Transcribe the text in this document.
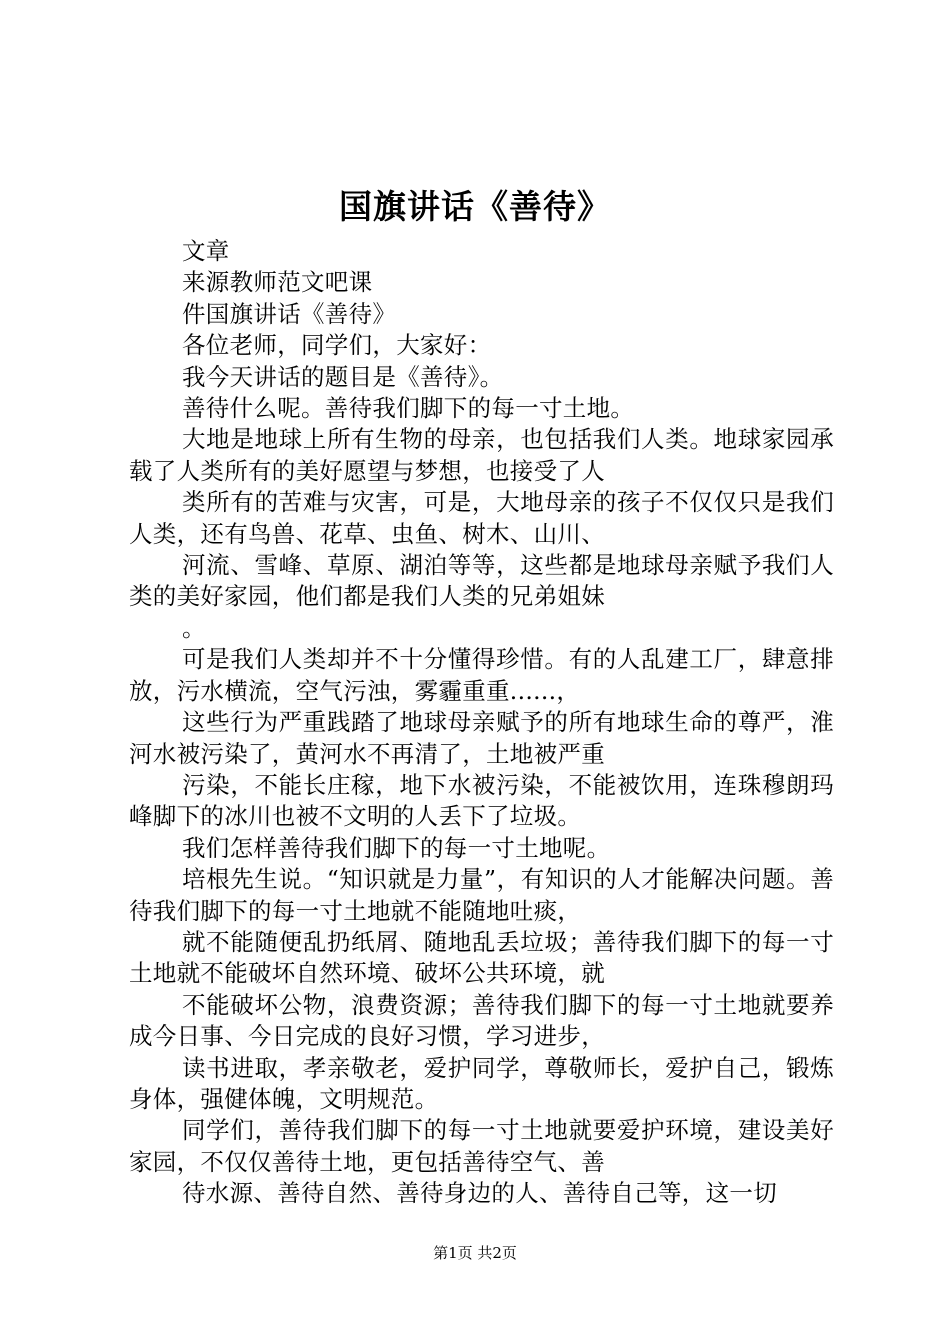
国旗讲话《善待》

文章

来源教师范文吧课

件国旗讲话《善待》

各位老师，同学们，大家好：

我今天讲话的题目是《善待》。

善待什么呢。善待我们脚下的每一寸土地。

大地是地球上所有生物的母亲，也包括我们人类。地球家园承载了人类所有的美好愿望与梦想，也接受了人

类所有的苦难与灾害，可是，大地母亲的孩子不仅仅只是我们人类，还有鸟兽、花草、虫鱼、树木、山川、

河流、雪峰、草原、湖泊等等，这些都是地球母亲赋予我们人类的美好家园，他们都是我们人类的兄弟姐妹

。

可是我们人类却并不十分懂得珍惜。有的人乱建工厂，肆意排放，污水横流，空气污浊，雾霾重重......，

这些行为严重践踏了地球母亲赋予的所有地球生命的尊严，淮河水被污染了，黄河水不再清了，土地被严重

污染，不能长庄稼，地下水被污染，不能被饮用，连珠穆朗玛峰脚下的冰川也被不文明的人丢下了垃圾。

我们怎样善待我们脚下的每一寸土地呢。

培根先生说。“知识就是力量”，有知识的人才能解决问题。善待我们脚下的每一寸土地就不能随地吐痰，

就不能随便乱扔纸屑、随地乱丢垃圾；善待我们脚下的每一寸土地就不能破坏自然环境、破坏公共环境，就

不能破坏公物，浪费资源；善待我们脚下的每一寸土地就要养成今日事、今日完成的良好习惯，学习进步，

读书进取，孝亲敬老，爱护同学，尊敬师长，爱护自己，锻炼身体，强健体魄，文明规范。

同学们，善待我们脚下的每一寸土地就要爱护环境，建设美好家园，不仅仅善待土地，更包括善待空气、善

待水源、善待自然、善待身边的人、善待自己等，这一切

第1页 共2页
